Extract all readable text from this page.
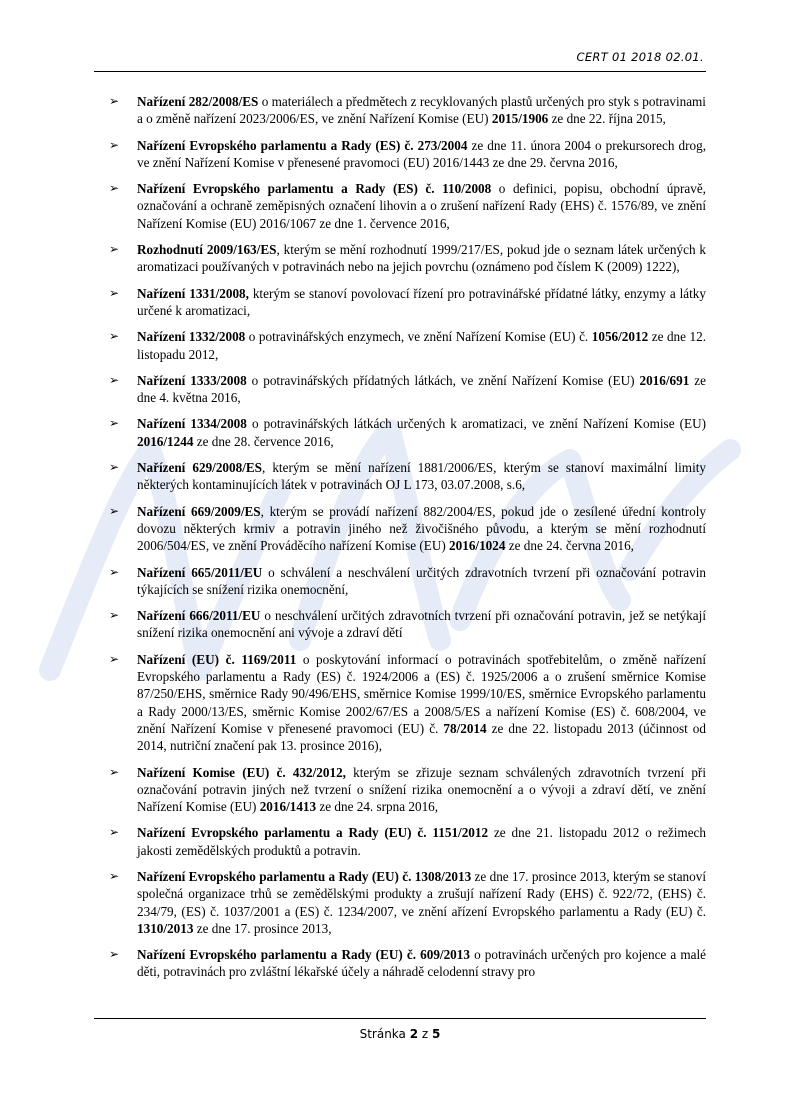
CERT 01 2018 02.01.
➢ Nařízení 282/2008/ES o materiálech a předmětech z recyklovaných plastů určených pro styk s potravinami a o změně nařízení 2023/2006/ES, ve znění Nařízení Komise (EU) 2015/1906 ze dne 22. října 2015,
➢ Nařízení Evropského parlamentu a Rady (ES) č. 273/2004 ze dne 11. února 2004 o prekursorech drog, ve znění Nařízení Komise v přenesené pravomoci (EU) 2016/1443 ze dne 29. června 2016,
➢ Nařízení Evropského parlamentu a Rady (ES) č. 110/2008 o definici, popisu, obchodní úpravě, označování a ochraně zeměpisných označení lihovin a o zrušení nařízení Rady (EHS) č. 1576/89, ve znění Nařízení Komise (EU) 2016/1067 ze dne 1. července 2016,
➢ Rozhodnutí 2009/163/ES, kterým se mění rozhodnutí 1999/217/ES, pokud jde o seznam látek určených k aromatizaci používaných v potravinách nebo na jejich povrchu (oznámeno pod číslem K (2009) 1222),
➢ Nařízení 1331/2008, kterým se stanoví povolovací řízení pro potravinářské přídatné látky, enzymy a látky určené k aromatizaci,
➢ Nařízení 1332/2008 o potravinářských enzymech, ve znění Nařízení Komise (EU) č. 1056/2012 ze dne 12. listopadu 2012,
➢ Nařízení 1333/2008 o potravinářských přídatných látkách, ve znění Nařízení Komise (EU) 2016/691 ze dne 4. května 2016,
➢ Nařízení 1334/2008 o potravinářských látkách určených k aromatizaci, ve znění Nařízení Komise (EU) 2016/1244 ze dne 28. července 2016,
➢ Nařízení 629/2008/ES, kterým se mění nařízení 1881/2006/ES, kterým se stanoví maximální limity některých kontaminujících látek v potravinách OJ L 173, 03.07.2008, s.6,
➢ Nařízení 669/2009/ES, kterým se provádí nařízení 882/2004/ES, pokud jde o zesílené úřední kontroly dovozu některých krmiv a potravin jiného než živočišného původu, a kterým se mění rozhodnutí 2006/504/ES, ve znění Prováděcího nařízení Komise (EU) 2016/1024 ze dne 24. června 2016,
➢ Nařízení 665/2011/EU o schválení a neschválení určitých zdravotních tvrzení při označování potravin týkajících se snížení rizika onemocnění,
➢ Nařízení 666/2011/EU o neschválení určitých zdravotních tvrzení při označování potravin, jež se netýkají snížení rizika onemocnění ani vývoje a zdraví dětí
➢ Nařízení (EU) č. 1169/2011 o poskytování informací o potravinách spotřebitelům, o změně nařízení Evropského parlamentu a Rady (ES) č. 1924/2006 a (ES) č. 1925/2006 a o zrušení směrnice Komise 87/250/EHS, směrnice Rady 90/496/EHS, směrnice Komise 1999/10/ES, směrnice Evropského parlamentu a Rady 2000/13/ES, směrnic Komise 2002/67/ES a 2008/5/ES a nařízení Komise (ES) č. 608/2004, ve znění Nařízení Komise v přenesené pravomoci (EU) č. 78/2014 ze dne 22. listopadu 2013 (účinnost od 2014, nutriční značení pak 13. prosince 2016),
➢ Nařízení Komise (EU) č. 432/2012, kterým se zřizuje seznam schválených zdravotních tvrzení při označování potravin jiných než tvrzení o snížení rizika onemocnění a o vývoji a zdraví dětí, ve znění Nařízení Komise (EU) 2016/1413 ze dne 24. srpna 2016,
➢ Nařízení Evropského parlamentu a Rady (EU) č. 1151/2012 ze dne 21. listopadu 2012 o režimech jakosti zemědělských produktů a potravin.
➢ Nařízení Evropského parlamentu a Rady (EU) č. 1308/2013 ze dne 17. prosince 2013, kterým se stanoví společná organizace trhů se zemědělskými produkty a zrušují nařízení Rady (EHS) č. 922/72, (EHS) č. 234/79, (ES) č. 1037/2001 a (ES) č. 1234/2007, ve znění ařízení Evropského parlamentu a Rady (EU) č. 1310/2013 ze dne 17. prosince 2013,
➢ Nařízení Evropského parlamentu a Rady (EU) č. 609/2013 o potravinách určených pro kojence a malé děti, potravinách pro zvláštní lékařské účely a náhradě celodenní stravy pro
Stránka 2 z 5
